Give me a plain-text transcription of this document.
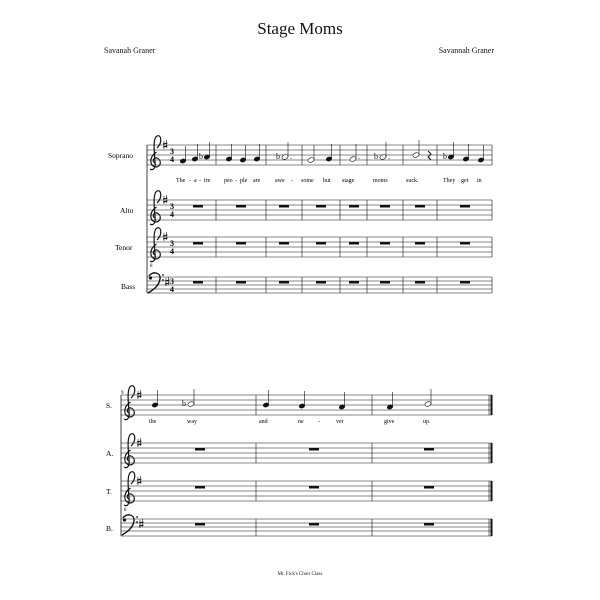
Stage Moms
Savanah Graner	Savannah Graner
4
8
b	b .	. b .	b
Soprano
Alto
Tenor
Bass
The - a - tre peo - ple are awe - some but stage	moms	suck.	They get in
9
8
b
S.
A.
T.
B.
the	way	and	ne -	ver	give	up.
Mr. Fick's Choir Class
